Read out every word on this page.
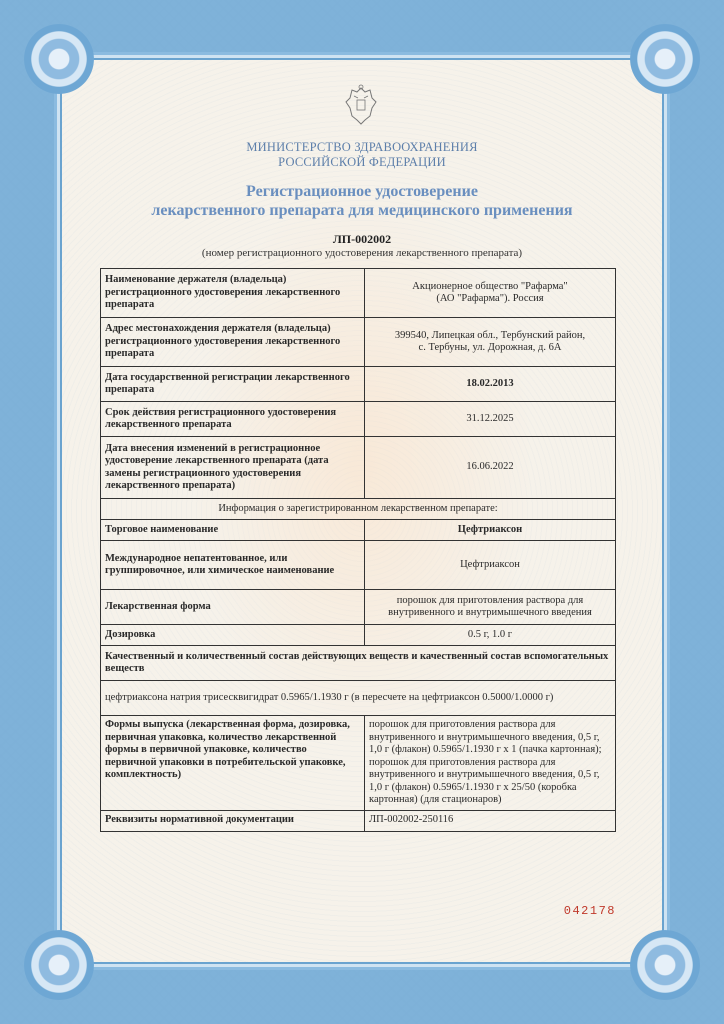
МИНИСТЕРСТВО ЗДРАВООХРАНЕНИЯ
РОССИЙСКОЙ ФЕДЕРАЦИИ
Регистрационное удостоверение
лекарственного препарата для медицинского применения
ЛП-002002
(номер регистрационного удостоверения лекарственного препарата)
Наименование держателя (владельца) регистрационного удостоверения лекарственного препарата	Акционерное общество "Рафарма"
(АО "Рафарма"). Россия

Адрес местонахождения держателя (владельца) регистрационного удостоверения лекарственного препарата	399540, Липецкая обл., Тербунский район,
с. Тербуны, ул. Дорожная, д. 6А

Дата государственной регистрации лекарственного препарата	18.02.2013
Срок действия регистрационного удостоверения лекарственного препарата	31.12.2025
Дата внесения изменений в регистрационное удостоверение лекарственного препарата (дата замены регистрационного удостоверения лекарственного препарата)	16.06.2022
Информация о зарегистрированном лекарственном препарате:	
Торговое наименование	Цефтриаксон
Международное непатентованное, или группировочное, или химическое наименование	Цефтриаксон
Лекарственная форма	порошок для приготовления раствора для
внутривенного и внутримышечного введения

Дозировка	0.5 г, 1.0 г
Качественный и количественный состав действующих веществ и качественный состав вспомогательных веществ	
цефтриаксона натрия трисесквигидрат 0.5965/1.1930 г (в пересчете на цефтриаксон 0.5000/1.0000 г)	
Формы выпуска (лекарственная форма, дозировка, первичная упаковка, количество лекарственной формы в первичной упаковке, количество первичной упаковки в потребительской упаковке, комплектность)	порошок для приготовления раствора для внутривенного и внутримышечного введения, 0,5 г, 1,0 г (флакон) 0.5965/1.1930 г x 1 (пачка картонная);
порошок для приготовления раствора для внутривенного и внутримышечного введения, 0,5 г, 1,0 г (флакон) 0.5965/1.1930 г x 25/50 (коробка картонная) (для стационаров)

Реквизиты нормативной документации	ЛП-002002-250116
042178
